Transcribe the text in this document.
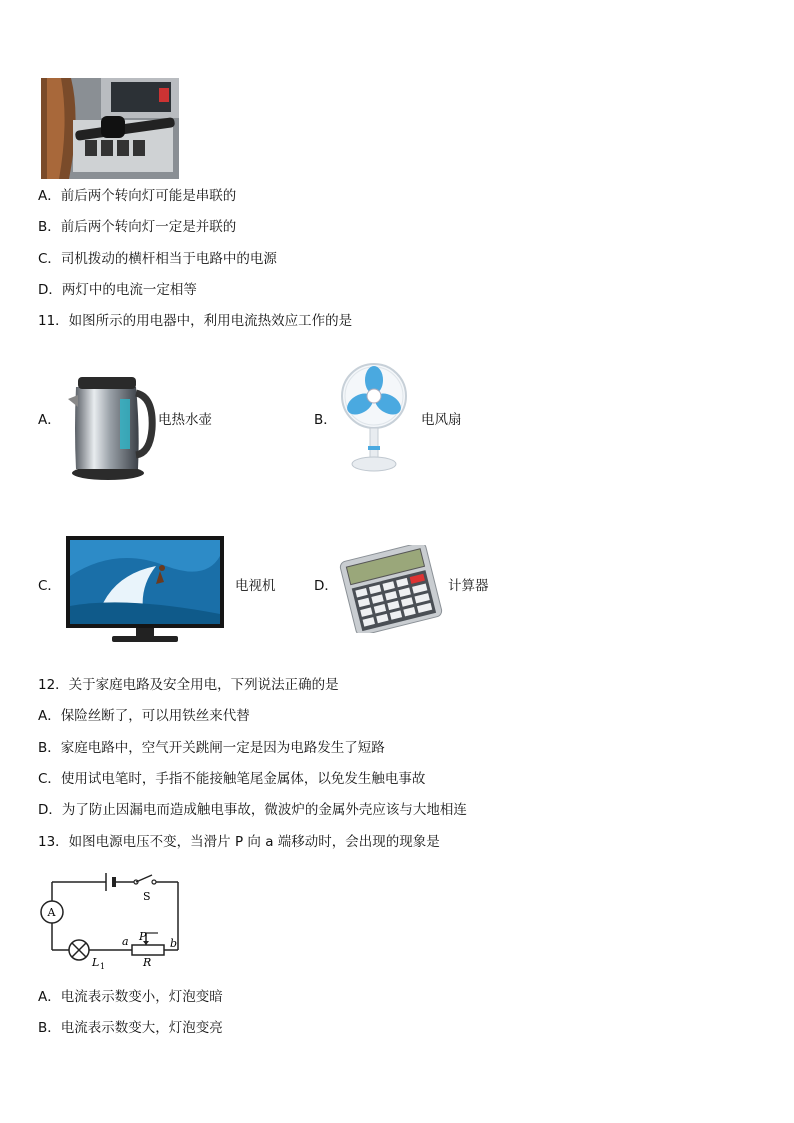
A．前后两个转向灯可能是串联的
B．前后两个转向灯一定是并联的
C．司机拨动的横杆相当于电路中的电源
D．两灯中的电流一定相等
11．如图所示的用电器中，利用电流热效应工作的是
A．	电热水壶	B．	电风扇
C．	电视机	D．	计算器
12．关于家庭电路及安全用电，下列说法正确的是
A．保险丝断了，可以用铁丝来代替
B．家庭电路中，空气开关跳闸一定是因为电路发生了短路
C．使用试电笔时，手指不能接触笔尾金属体，以免发生触电事故
D．为了防止因漏电而造成触电事故，微波炉的金属外壳应该与大地相连
13．如图电源电压不变，当滑片 P 向 a 端移动时，会出现的现象是
S
A
L 1
a	b
P
R
A．电流表示数变小，灯泡变暗
B．电流表示数变大，灯泡变亮
